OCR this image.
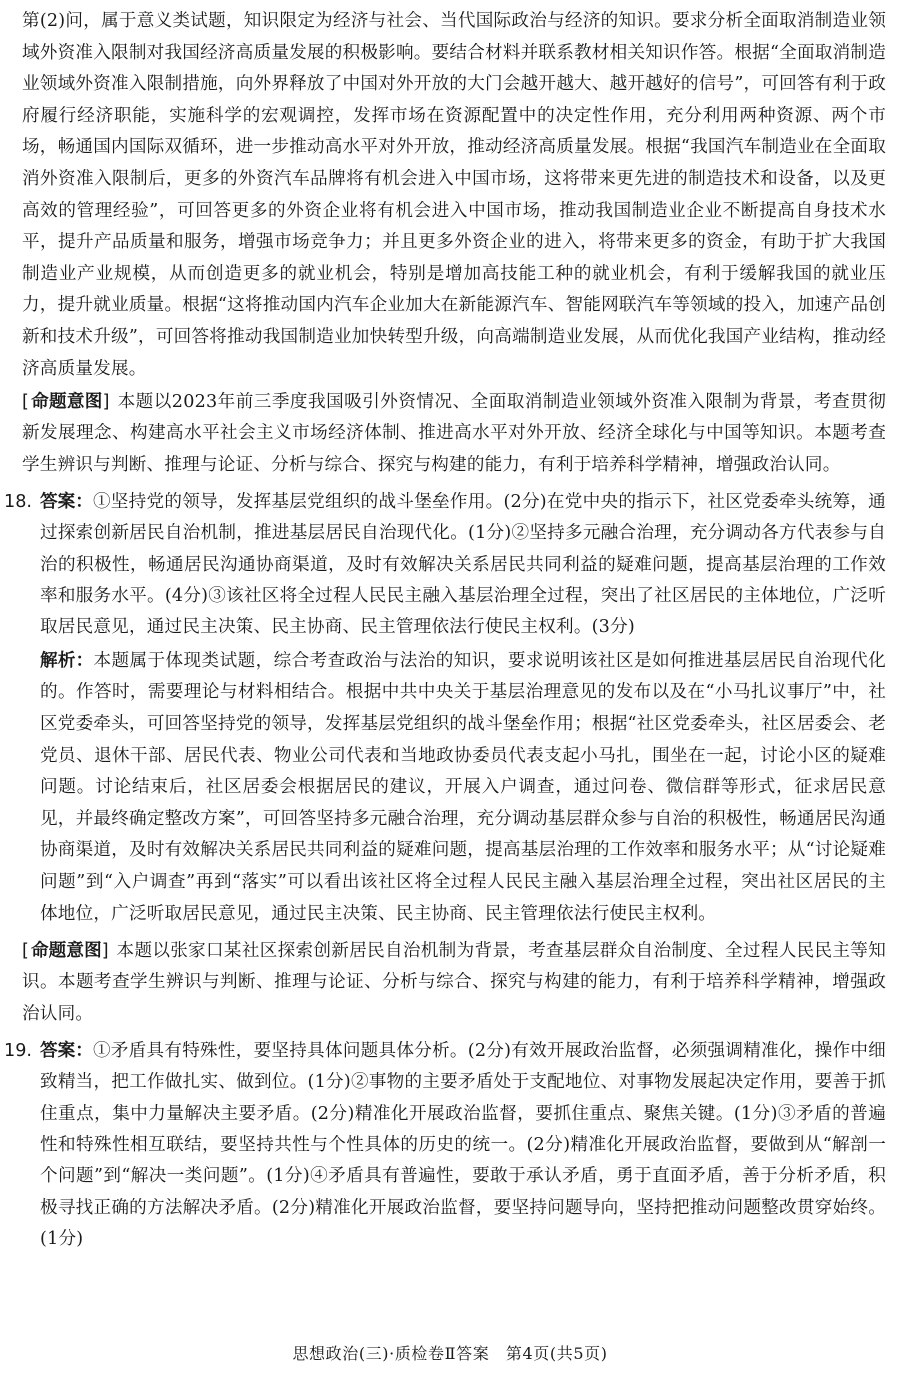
第(2)问，属于意义类试题，知识限定为经济与社会、当代国际政治与经济的知识。要求分析全面取消制造业领域外资准入限制对我国经济高质量发展的积极影响。要结合材料并联系教材相关知识作答。根据“全面取消制造业领域外资准入限制措施，向外界释放了中国对外开放的大门会越开越大、越开越好的信号”，可回答有利于政府履行经济职能，实施科学的宏观调控，发挥市场在资源配置中的决定性作用，充分利用两种资源、两个市场，畅通国内国际双循环，进一步推动高水平对外开放，推动经济高质量发展。根据“我国汽车制造业在全面取消外资准入限制后，更多的外资汽车品牌将有机会进入中国市场，这将带来更先进的制造技术和设备，以及更高效的管理经验”，可回答更多的外资企业将有机会进入中国市场，推动我国制造业企业不断提高自身技术水平，提升产品质量和服务，增强市场竞争力；并且更多外资企业的进入，将带来更多的资金，有助于扩大我国制造业产业规模，从而创造更多的就业机会，特别是增加高技能工种的就业机会，有利于缓解我国的就业压力，提升就业质量。根据“这将推动国内汽车企业加大在新能源汽车、智能网联汽车等领域的投入，加速产品创新和技术升级”，可回答将推动我国制造业加快转型升级，向高端制造业发展，从而优化我国产业结构，推动经济高质量发展。

[ 命题意图] 本题以2023年前三季度我国吸引外资情况、全面取消制造业领域外资准入限制为背景，考查贯彻新发展理念、构建高水平社会主义市场经济体制、推进高水平对外开放、经济全球化与中国等知识。本题考查学生辨识与判断、推理与论证、分析与综合、探究与构建的能力，有利于培养科学精神，增强政治认同。

18. 答案：①坚持党的领导，发挥基层党组织的战斗堡垒作用。(2分)在党中央的指示下，社区党委牵头统筹，通过探索创新居民自治机制，推进基层居民自治现代化。(1分)②坚持多元融合治理，充分调动各方代表参与自治的积极性，畅通居民沟通协商渠道，及时有效解决关系居民共同利益的疑难问题，提高基层治理的工作效率和服务水平。(4分)③该社区将全过程人民民主融入基层治理全过程，突出了社区居民的主体地位，广泛听取居民意见，通过民主决策、民主协商、民主管理依法行使民主权利。(3分)

解析：本题属于体现类试题，综合考查政治与法治的知识，要求说明该社区是如何推进基层居民自治现代化的。作答时，需要理论与材料相结合。根据中共中央关于基层治理意见的发布以及在“小马扎议事厅”中，社区党委牵头，可回答坚持党的领导，发挥基层党组织的战斗堡垒作用；根据“社区党委牵头，社区居委会、老党员、退休干部、居民代表、物业公司代表和当地政协委员代表支起小马扎，围坐在一起，讨论小区的疑难问题。讨论结束后，社区居委会根据居民的建议，开展入户调查，通过问卷、微信群等形式，征求居民意见，并最终确定整改方案”，可回答坚持多元融合治理，充分调动基层群众参与自治的积极性，畅通居民沟通协商渠道，及时有效解决关系居民共同利益的疑难问题，提高基层治理的工作效率和服务水平；从“讨论疑难问题”到“入户调查”再到“落实”可以看出该社区将全过程人民民主融入基层治理全过程，突出社区居民的主体地位，广泛听取居民意见，通过民主决策、民主协商、民主管理依法行使民主权利。

[ 命题意图] 本题以张家口某社区探索创新居民自治机制为背景，考查基层群众自治制度、全过程人民民主等知识。本题考查学生辨识与判断、推理与论证、分析与综合、探究与构建的能力，有利于培养科学精神，增强政治认同。

19. 答案：①矛盾具有特殊性，要坚持具体问题具体分析。(2分)有效开展政治监督，必须强调精准化，操作中细致精当，把工作做扎实、做到位。(1分)②事物的主要矛盾处于支配地位、对事物发展起决定作用，要善于抓住重点，集中力量解决主要矛盾。(2分)精准化开展政治监督，要抓住重点、聚焦关键。(1分)③矛盾的普遍性和特殊性相互联结，要坚持共性与个性具体的历史的统一。(2分)精准化开展政治监督，要做到从“解剖一个问题”到“解决一类问题”。(1分)④矛盾具有普遍性，要敢于承认矛盾，勇于直面矛盾，善于分析矛盾，积极寻找正确的方法解决矛盾。(2分)精准化开展政治监督，要坚持问题导向，坚持把推动问题整改贯穿始终。(1分)

思想政治(三)·质检卷Ⅱ答案　第4页(共5页)
